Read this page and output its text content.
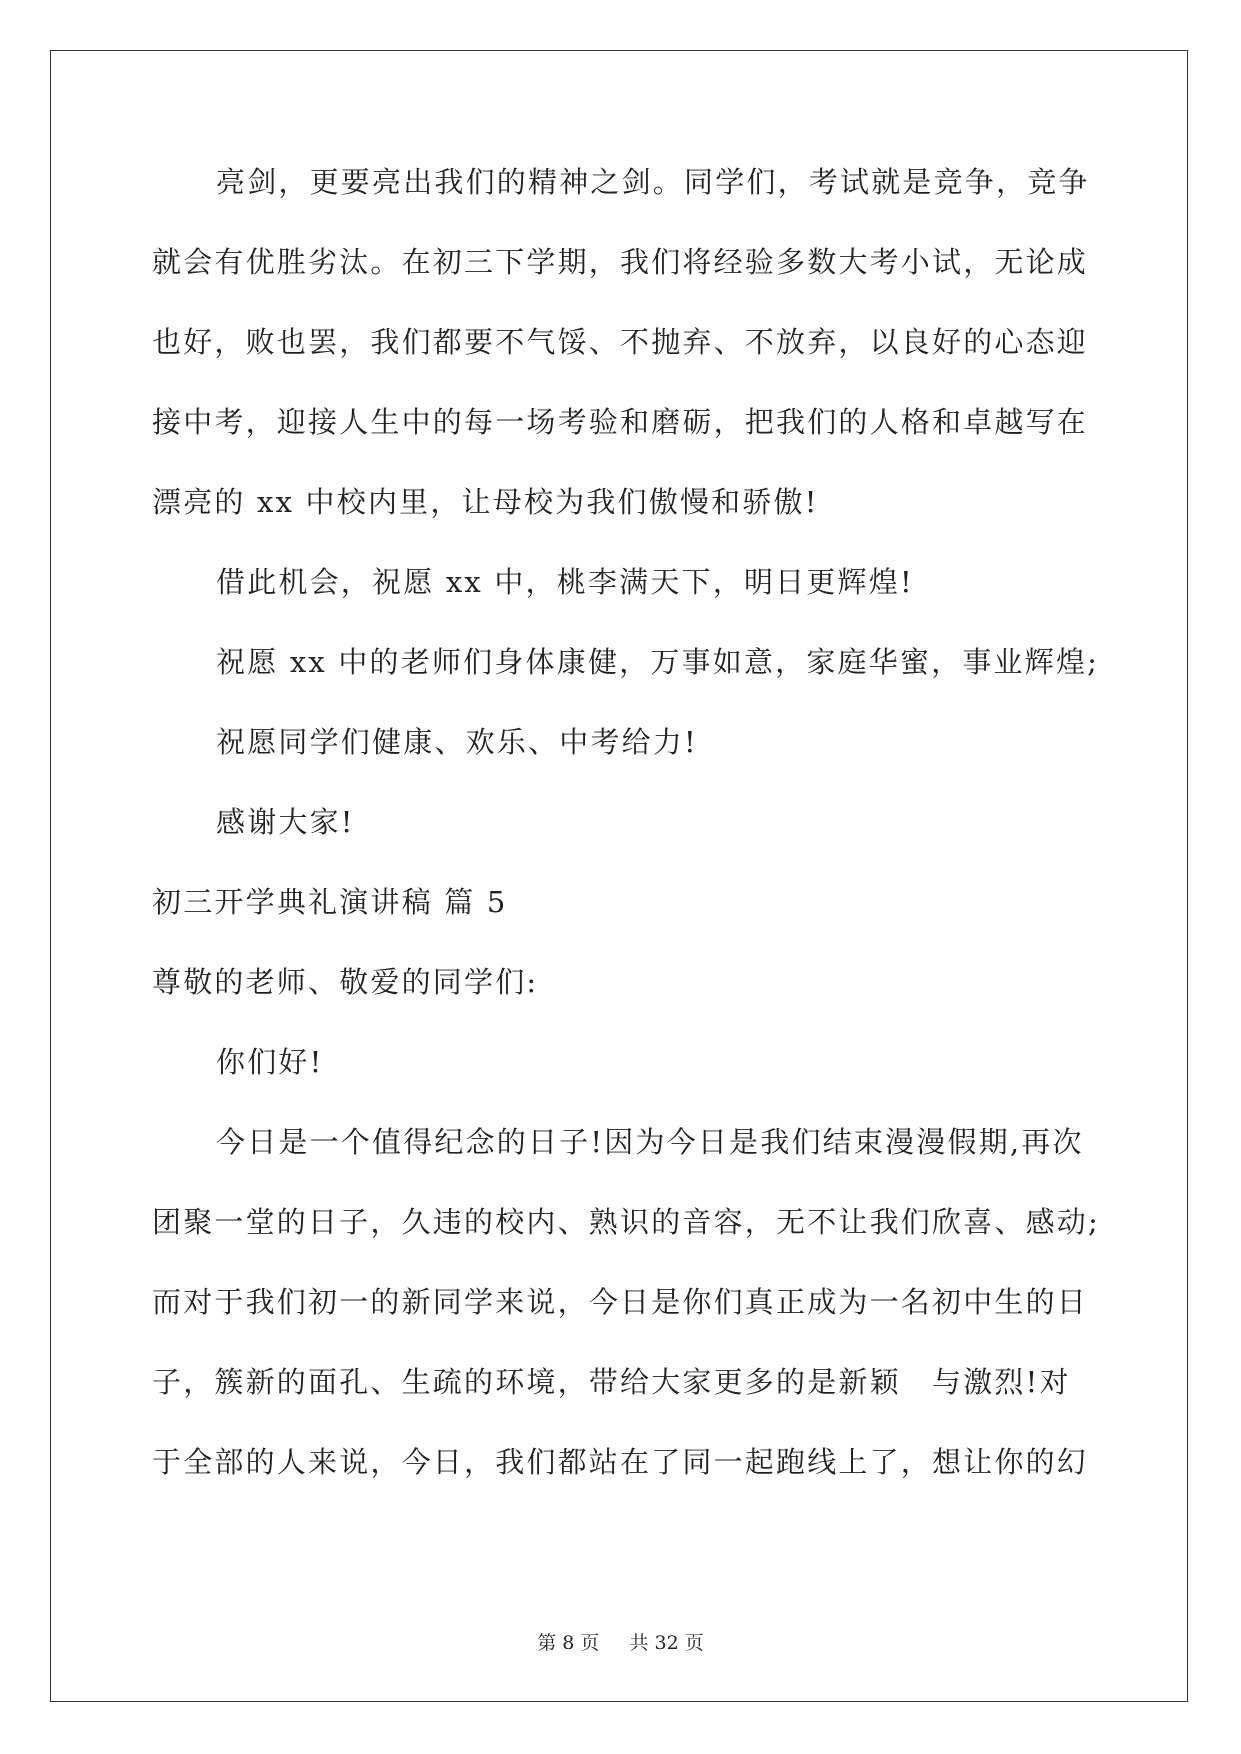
亮剑，更要亮出我们的精神之剑。同学们，考试就是竞争，竞争
就会有优胜劣汰。在初三下学期，我们将经验多数大考小试，无论成
也好，败也罢，我们都要不气馁、不抛弃、不放弃，以良好的心态迎
接中考，迎接人生中的每一场考验和磨砺，把我们的人格和卓越写在
漂亮的 xx 中校内里，让母校为我们傲慢和骄傲!
借此机会，祝愿 xx 中，桃李满天下，明日更辉煌!
祝愿 xx 中的老师们身体康健，万事如意，家庭华蜜，事业辉煌;
祝愿同学们健康、欢乐、中考给力!
感谢大家!
初三开学典礼演讲稿 篇 5
尊敬的老师、敬爱的同学们:
你们好!
今日是一个值得纪念的日子!因为今日是我们结束漫漫假期,再次
团聚一堂的日子，久违的校内、熟识的音容，无不让我们欣喜、感动;
而对于我们初一的新同学来说，今日是你们真正成为一名初中生的日
子，簇新的面孔、生疏的环境，带给大家更多的是新颖　与激烈!对
于全部的人来说，今日，我们都站在了同一起跑线上了，想让你的幻
第 8 页 共 32 页
